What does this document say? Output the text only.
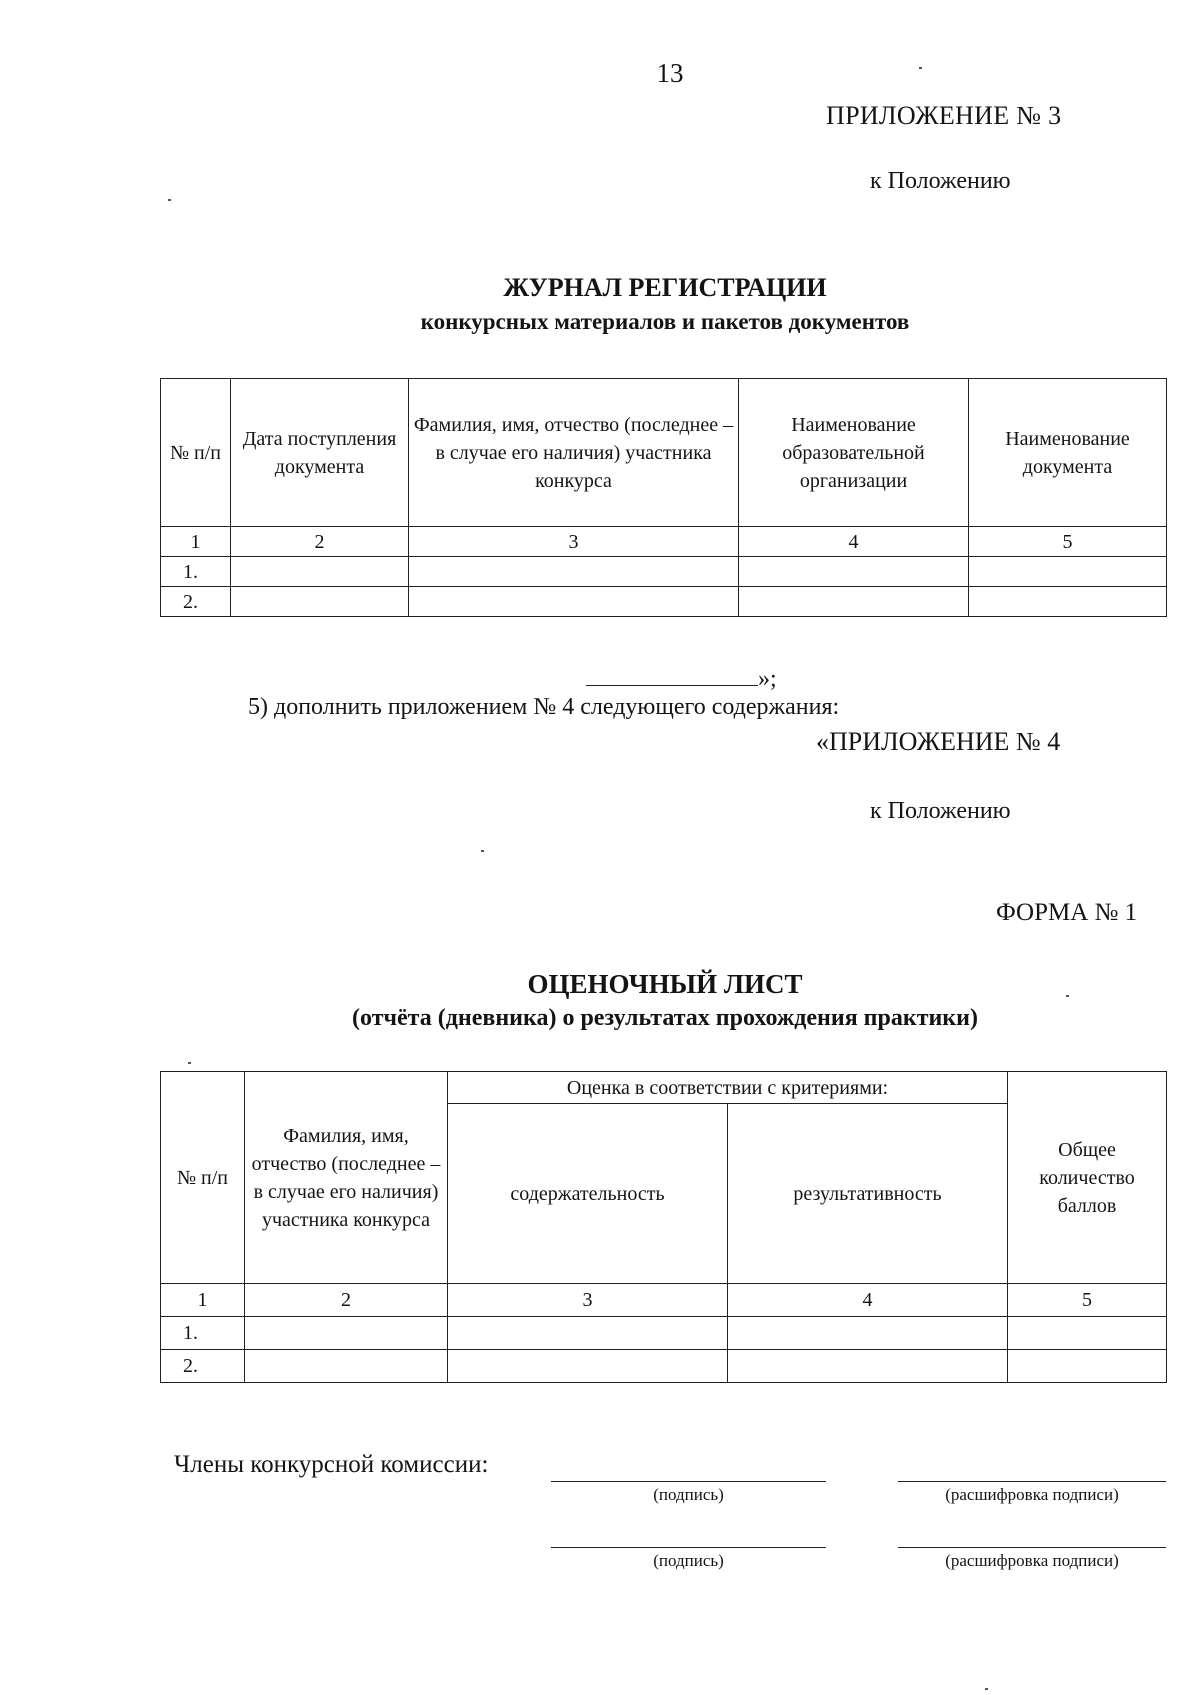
13
ПРИЛОЖЕНИЕ № 3
к Положению
ЖУРНАЛ РЕГИСТРАЦИИ
конкурсных материалов и пакетов документов
№ п/п	Дата поступления документа	Фамилия, имя, отчество (последнее – в случае его наличия) участника конкурса	Наименование образовательной организации	Наименование документа
1	2	3	4	5
1.				
2.				
»;
5) дополнить приложением № 4 следующего содержания:
«ПРИЛОЖЕНИЕ № 4
к Положению
ФОРМА № 1
ОЦЕНОЧНЫЙ ЛИСТ
(отчёта (дневника) о результатах прохождения практики)
№ п/п	Фамилия, имя, отчество (последнее – в случае его наличия) участника конкурса	Оценка в соответствии с критериями:		Общее количество баллов
		содержательность	результативность	
1	2	3	4	5
1.				
2.				
Члены конкурсной комиссии:
(подпись)	(расшифровка подписи)
(подпись)	(расшифровка подписи)
